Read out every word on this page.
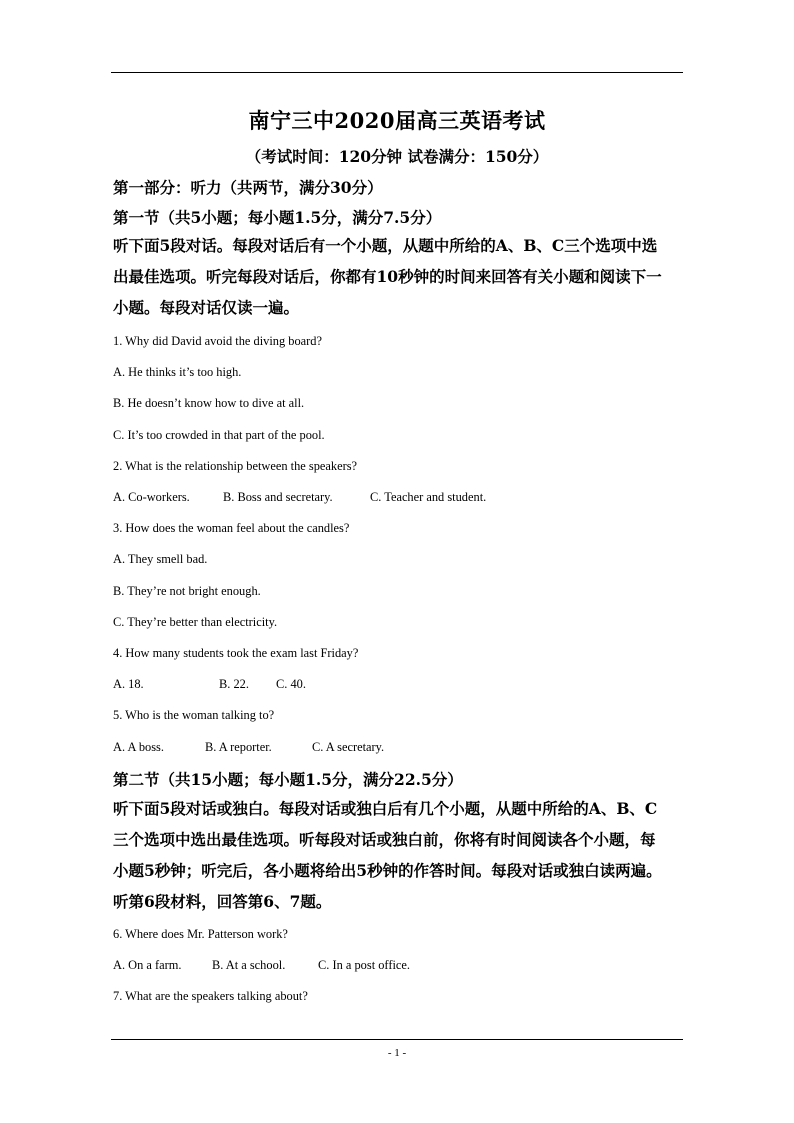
南宁三中2020届高三英语考试
（考试时间：120分钟 试卷满分：150分）
第一部分：听力（共两节，满分30分）
第一节（共5小题；每小题1.5分，满分7.5分）
听下面5段对话。每段对话后有一个小题，从题中所给的A、B、C三个选项中选
出最佳选项。听完每段对话后，你都有10秒钟的时间来回答有关小题和阅读下一
小题。每段对话仅读一遍。
1. Why did David avoid the diving board?
A. He thinks it’s too high.
B. He doesn’t know how to dive at all.
C. It’s too crowded in that part of the pool.
2. What is the relationship between the speakers?
A. Co-workers.	B. Boss and secretary.	C. Teacher and student.
3. How does the woman feel about the candles?
A. They smell bad.
B. They’re not bright enough.
C. They’re better than electricity.
4. How many students took the exam last Friday?
A. 18.	B. 22. C. 40.
5. Who is the woman talking to?
A. A boss.	B. A reporter.	C. A secretary.
第二节（共15小题；每小题1.5分，满分22.5分）
听下面5段对话或独白。每段对话或独白后有几个小题，从题中所给的A、B、C
三个选项中选出最佳选项。听每段对话或独白前，你将有时间阅读各个小题，每
小题5秒钟；听完后，各小题将给出5秒钟的作答时间。每段对话或独白读两遍。
听第6段材料，回答第6、7题。
6. Where does Mr. Patterson work?
A. On a farm. B. At a school.	C. In a post office.
7. What are the speakers talking about?
- 1 -
